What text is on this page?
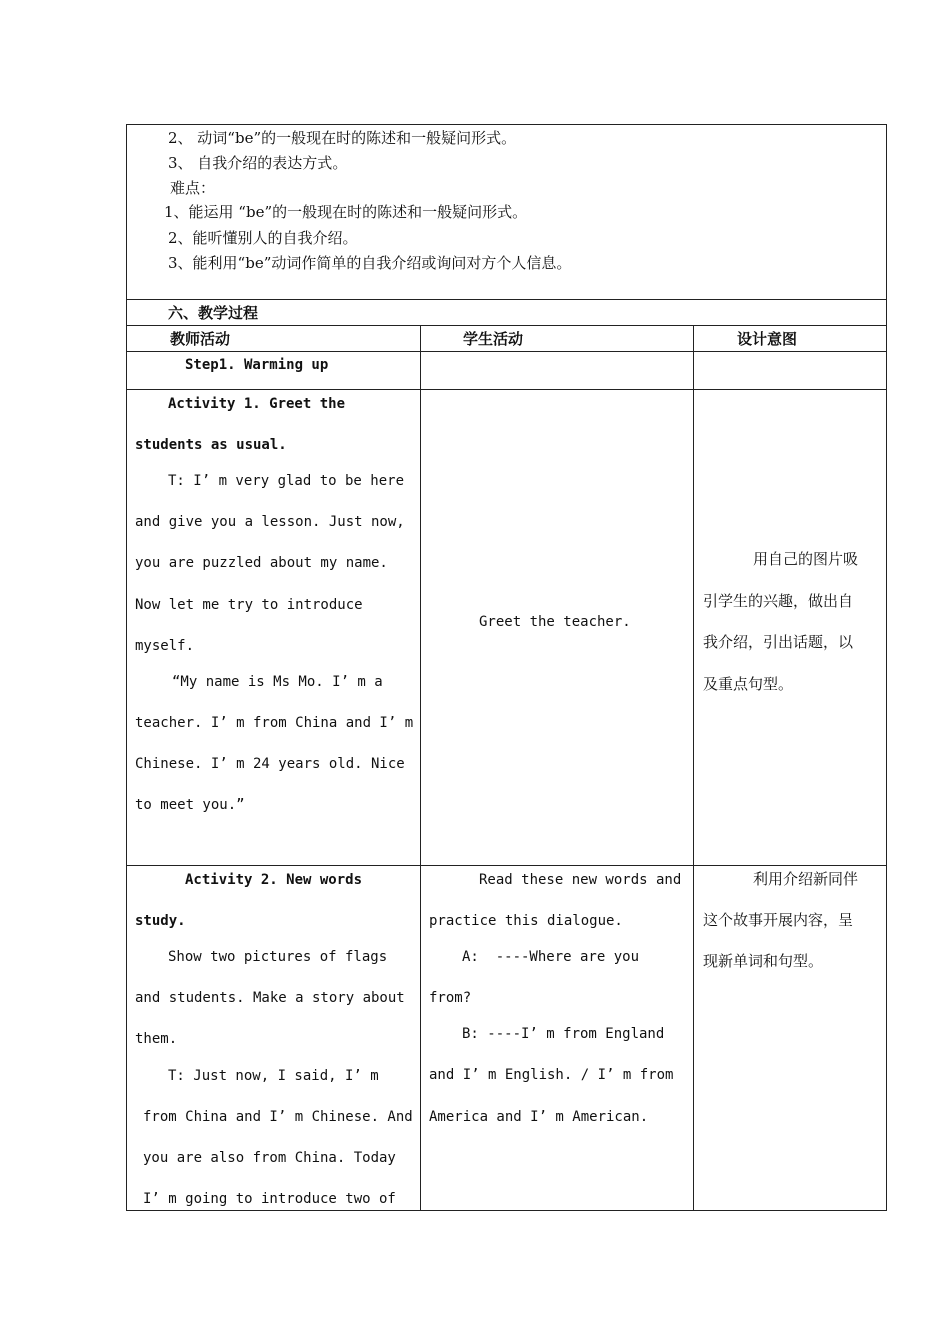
2、 动词“be”的一般现在时的陈述和一般疑问形式。
3、 自我介绍的表达方式。
难点：
1、能运用 “be”的一般现在时的陈述和一般疑问形式。
2、能听懂别人的自我介绍。
3、能利用“be”动词作简单的自我介绍或询问对方个人信息。
六、教学过程
教师活动	学生活动	设计意图
Step1. Warming up
Activity 1. Greet the
students as usual.
T: I’ m very glad to be here
and give you a lesson. Just now,
you are puzzled about my name.
Now let me try to introduce
myself.
“My name is Ms Mo. I’ m a
teacher. I’ m from China and I’ m
Chinese. I’ m 24 years old. Nice
to meet you.”
Greet the teacher.
用自己的图片吸
引学生的兴趣，做出自
我介绍，引出话题，以
及重点句型。
Activity 2. New words
study.
Show two pictures of flags
and students. Make a story about
them.
T: Just now, I said, I’ m
from China and I’ m Chinese. And
you are also from China. Today
I’ m going to introduce two of
Read these new words and
practice this dialogue.
A:  ----Where are you
from?
B: ----I’ m from England
and I’ m English. / I’ m from
America and I’ m American.
利用介绍新同伴
这个故事开展内容，呈
现新单词和句型。
